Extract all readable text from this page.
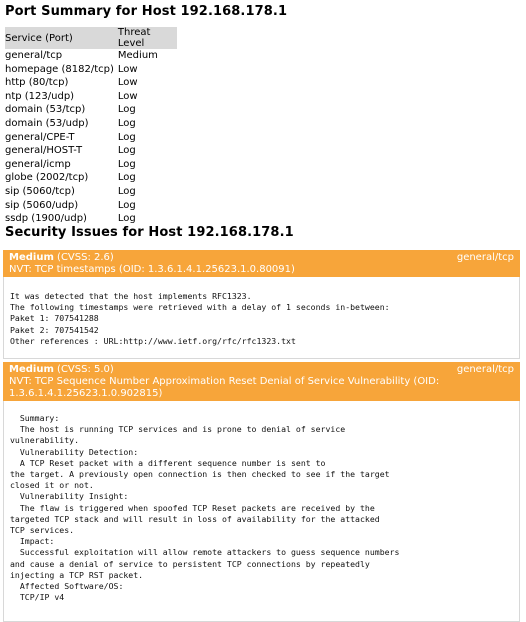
Port Summary for Host 192.168.178.1
Service (Port)	Threat Level
general/tcp	Medium
homepage (8182/tcp)	Low
http (80/tcp)	Low
ntp (123/udp)	Low
domain (53/tcp)	Log
domain (53/udp)	Log
general/CPE-T	Log
general/HOST-T	Log
general/icmp	Log
globe (2002/tcp)	Log
sip (5060/tcp)	Log
sip (5060/udp)	Log
ssdp (1900/udp)	Log
Security Issues for Host 192.168.178.1
Medium (CVSS: 2.6)
NVT: TCP timestamps (OID: 1.3.6.1.4.1.25623.1.0.80091)
general/tcp
It was detected that the host implements RFC1323.
The following timestamps were retrieved with a delay of 1 seconds in-between:
Paket 1: 707541288
Paket 2: 707541542
Other references : URL:http://www.ietf.org/rfc/rfc1323.txt
Medium (CVSS: 5.0)
NVT: TCP Sequence Number Approximation Reset Denial of Service Vulnerability (OID:
1.3.6.1.4.1.25623.1.0.902815)
general/tcp
Summary:
The host is running TCP services and is prone to denial of service
vulnerability.
Vulnerability Detection:
A TCP Reset packet with a different sequence number is sent to
the target. A previously open connection is then checked to see if the target
closed it or not.
Vulnerability Insight:
The flaw is triggered when spoofed TCP Reset packets are received by the
targeted TCP stack and will result in loss of availability for the attacked
TCP services.
Impact:
Successful exploitation will allow remote attackers to guess sequence numbers
and cause a denial of service to persistent TCP connections by repeatedly
injecting a TCP RST packet.
Affected Software/OS:
TCP/IP v4
